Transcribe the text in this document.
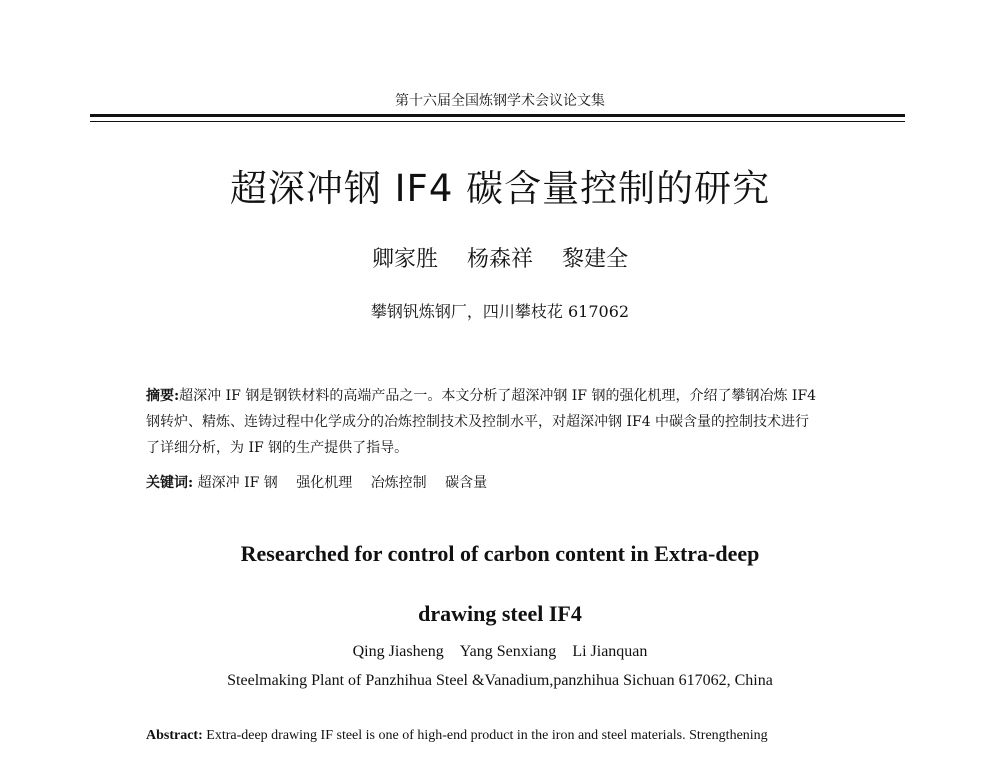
第十六届全国炼钢学术会议论文集
超深冲钢 IF4 碳含量控制的研究
卿家胜 杨森祥 黎建全
攀钢钒炼钢厂，四川攀枝花 617062
摘要:超深冲 IF 钢是钢铁材料的高端产品之一。本文分析了超深冲钢 IF 钢的强化机理，介绍了攀钢冶炼 IF4
钢转炉、精炼、连铸过程中化学成分的冶炼控制技术及控制水平，对超深冲钢 IF4 中碳含量的控制技术进行
了详细分析，为 IF 钢的生产提供了指导。
关键词: 超深冲 IF 钢 强化机理 冶炼控制 碳含量
Researched for control of carbon content in Extra-deep
drawing steel IF4
Qing Jiasheng Yang Senxiang Li Jianquan
Steelmaking Plant of Panzhihua Steel &Vanadium,panzhihua Sichuan 617062, China
Abstract: Extra-deep drawing IF steel is one of high-end product in the iron and steel materials. Strengthening
